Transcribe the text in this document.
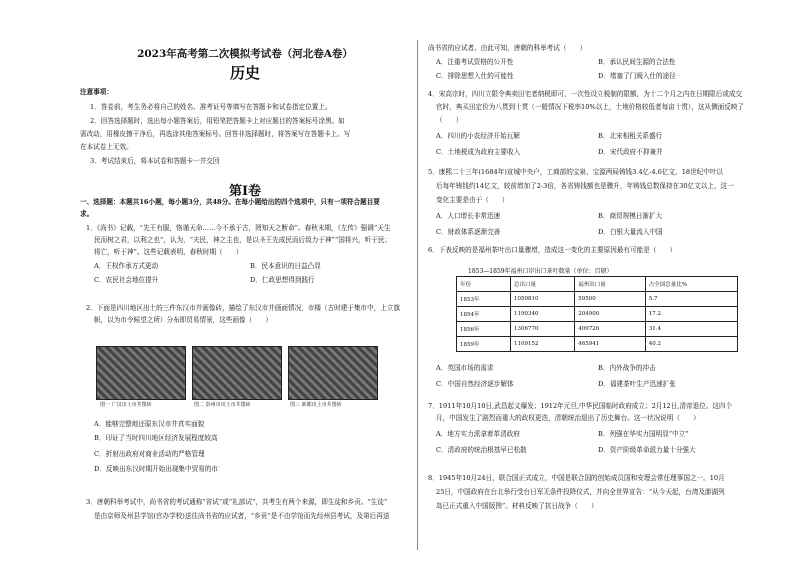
2023年高考第二次模拟考试卷（河北卷A卷）
历史
注意事项：
1．答卷前，考生务必将自己的姓名、准考证号等填写在答题卡和试卷指定位置上。
2．回答选择题时，选出每小题答案后，用铅笔把答题卡上对应题目的答案标号涂黑。如
需改动，用橡皮擦干净后，再选涂其他答案标号。回答非选择题时，将答案写在答题卡上。写
在本试卷上无效。
3．考试结束后，将本试卷和答题卡一并交回
第Ⅰ卷
一、选择题：本题共16小题，每小题3分，共48分。在每小题给出的四个选项中，只有一项符合题目要
求。
1．《尚书》记载，“先王有服，恪谨天命……今不承于古，罔知天之断命”。春秋末期，《左传》强调“天生
民而树之君，以利之也”，认为，“夫民，神之主也，是以圣王先成民而后致力于神”“国将兴，听于民；
将亡，听于神”。这些记载表明，春秋时期（　　）
A．王权作承方式更动	B．民本意识的日益凸显
C．农民社会地位提升	D．仁政思想得到践行
2．下面是四川地区出土的三件东汉市井画像砖，描绘了东汉市井画面情况，市楼（古时建于集市中，上立旗
帜，以为市令候望之所）分布即贸易情景，这些画像（　　）
图一 广汉出土市井图砖	图二 彭州市出土市井图砖	图三 新都出土市井图砖
A．能够完整地还原东汉市井真实面貌
B．印证了当时四川地区经济发展程度较高
C．折射出政府对商业活动的严格管理
D．反映出东汉时期开始出现集中贸易的市
3．唐朝科举考试中，尚书省的考试通称“省试”或“礼部试”，共考生有两个来源，即生徒和乡贡。“生徒”
是由京师及州县学馆(官办学校)送往尚书省的应试者，“乡贡”是不由学馆而先经州县考试，及第后再送
尚书省的应试者。由此可知，唐朝的科举考试（　　）
A．注重考试资格的公开性	B．承认民间生源的合法性
C．排除思想入仕的可能性	D．堵塞了门阀入仕的途径
4．宋高宗时，四川立限令典卖田宅者纳税即可，一次性设立税制的限额，为十二个月之内在日期限后或成交
官时，典买田定价为八贯到十贯（一般情况下税率10%以上，土地价格较低者每亩十贯），这从侧面反映了
（　　）
A．四川的小农经济开始瓦解	B．北宋相租关系盛行
C．土地税成为政府主要收入	D．宋代政府不抑兼并
5．康熙二十三年(1684年)宣城中央户，工商部的宝泉、宝源两局铸钱3.4亿-4.6亿文，18世纪中叶以
后每年铸钱约14亿文，较前增加了2-3倍，各省铸钱额也是骤升，年铸钱总数保持在30亿文以上，这一
变化主要是由于（　　）
A．人口增长非常迅速	B．商贸规模日渐扩大
C．财政体系逐渐完善	D．白银大量流入中国
6．下表反映的是福州茶叶出口量骤增，造成这一变化的主要原因最有可能是（　　）
1853—1859年福州口岸出口茶叶数量（单位：百磅）
年份	总出口量	福州出口量	占全国总量比%
1853年	1050810	59500	5.7
1854年	1190340	204900	17.2
1856年	1306770	409726	31.4
1859年	1109152	465941	40.2
A．英国市场的需求	B．内外战争的冲击
C．中国自然经济逐步解体	D．福建茶叶生产迅速扩张
7．1911年10月10日,武昌起义爆发；1912年元旦,中华民国临时政府成立；2月12日,清帝退位。这四个
月，中国发生了剧烈而重大的政权更迭，清朝统治退出了历史舞台。这一状况说明（　　）
A．地方实力派拿着革清政府	B．列强在华实力国明显“中立”
C．清政府的统治根基早已松散	D．资产阶级革命派力量十分强大
8．1945年10月24日，联合国正式成立，中国是联合国的创始成员国和安理会常任理事国之一。10月
25日，中国政府在台北举行受台日军无条件投降仪式，并向全世界宣告：“从今天起，台湾及澎湖列
岛已正式重入中国版图”。材料反映了抗日战争（　　）
